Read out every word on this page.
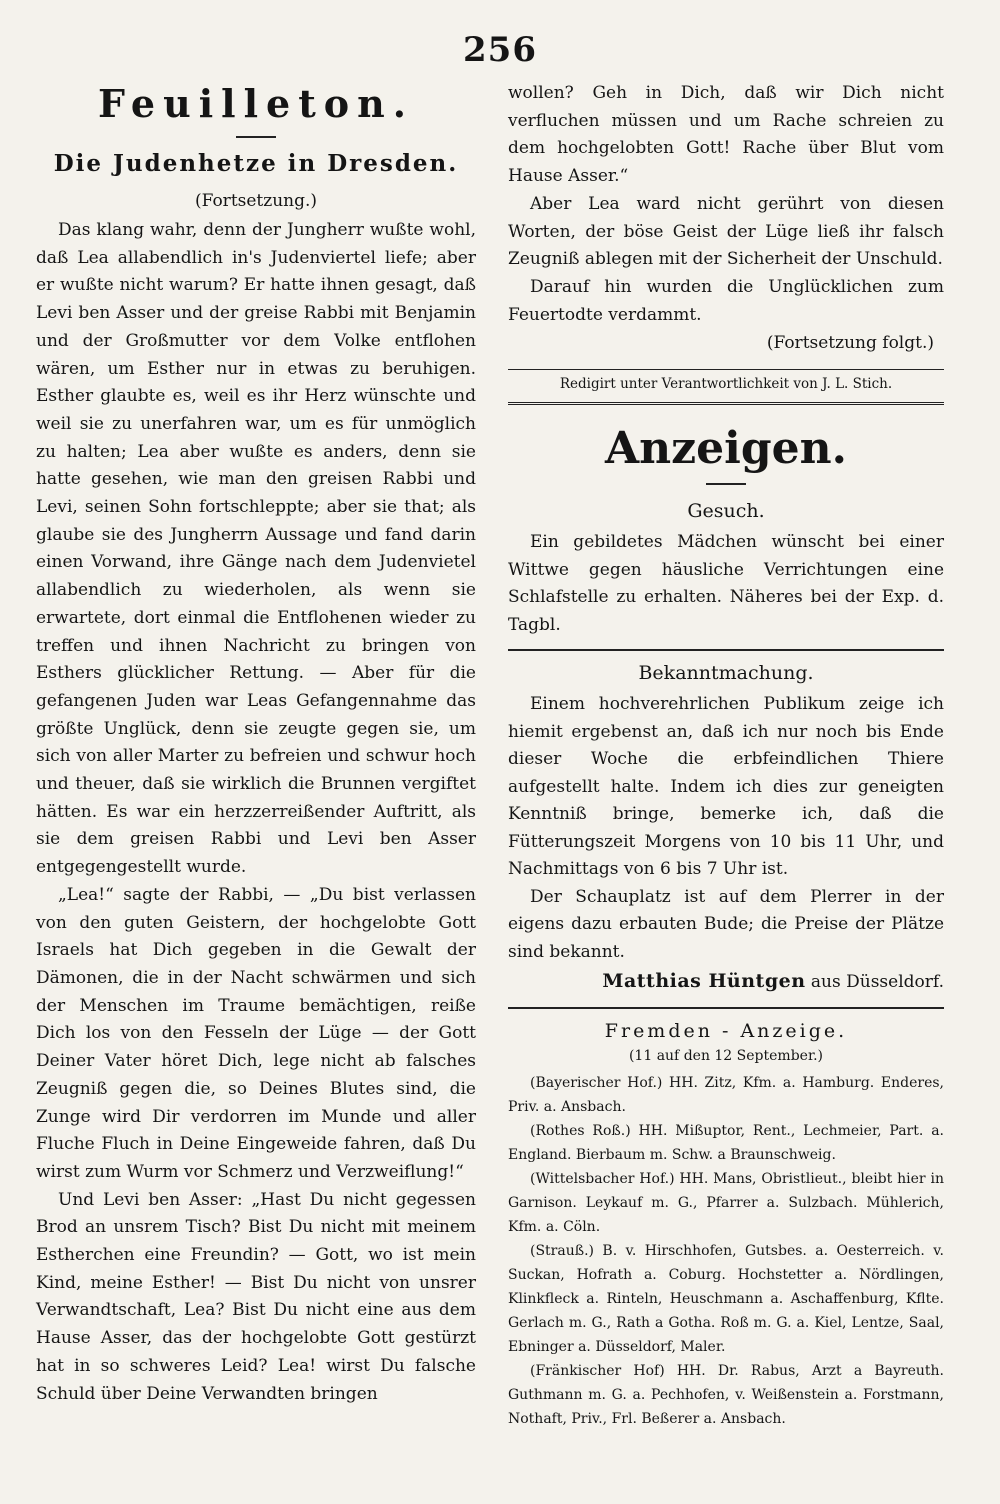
256
Feuilleton.
Die Judenhetze in Dresden.

(Fortsetzung.)

Das klang wahr, denn der Jungherr wußte wohl, daß Lea allabendlich in's Judenviertel liefe; aber er wußte nicht warum? Er hatte ihnen gesagt, daß Levi ben Asser und der greise Rabbi mit Benjamin und der Großmutter vor dem Volke entflohen wären, um Esther nur in etwas zu beruhigen. Esther glaubte es, weil es ihr Herz wünschte und weil sie zu unerfahren war, um es für unmöglich zu halten; Lea aber wußte es anders, denn sie hatte gesehen, wie man den greisen Rabbi und Levi, seinen Sohn fortschleppte; aber sie that; als glaube sie des Jungherrn Aussage und fand darin einen Vorwand, ihre Gänge nach dem Judenvietel allabendlich zu wiederholen, als wenn sie erwartete, dort einmal die Entflohenen wieder zu treffen und ihnen Nachricht zu bringen von Esthers glücklicher Rettung. — Aber für die gefangenen Juden war Leas Gefangennahme das größte Unglück, denn sie zeugte gegen sie, um sich von aller Marter zu befreien und schwur hoch und theuer, daß sie wirklich die Brunnen vergiftet hätten. Es war ein herzzerreißender Auftritt, als sie dem greisen Rabbi und Levi ben Asser entgegengestellt wurde.

„Lea!“ sagte der Rabbi, — „Du bist verlassen von den guten Geistern, der hochgelobte Gott Israels hat Dich gegeben in die Gewalt der Dämonen, die in der Nacht schwärmen und sich der Menschen im Traume bemächtigen, reiße Dich los von den Fesseln der Lüge — der Gott Deiner Vater höret Dich, lege nicht ab falsches Zeugniß gegen die, so Deines Blutes sind, die Zunge wird Dir verdorren im Munde und aller Fluche Fluch in Deine Eingeweide fahren, daß Du wirst zum Wurm vor Schmerz und Verzweiflung!“

Und Levi ben Asser: „Hast Du nicht gegessen Brod an unsrem Tisch? Bist Du nicht mit meinem Estherchen eine Freundin? — Gott, wo ist mein Kind, meine Esther! — Bist Du nicht von unsrer Verwandtschaft, Lea? Bist Du nicht eine aus dem Hause Asser, das der hochgelobte Gott gestürzt hat in so schweres Leid? Lea! wirst Du falsche Schuld über Deine Verwandten bringen

wollen? Geh in Dich, daß wir Dich nicht verfluchen müssen und um Rache schreien zu dem hochgelobten Gott! Rache über Blut vom Hause Asser.“

Aber Lea ward nicht gerührt von diesen Worten, der böse Geist der Lüge ließ ihr falsch Zeugniß ablegen mit der Sicherheit der Unschuld.

Darauf hin wurden die Unglücklichen zum Feuertodte verdammt.

(Fortsetzung folgt.)

Redigirt unter Verantwortlichkeit von J. L. Stich.
Anzeigen.
Gesuch.

Ein gebildetes Mädchen wünscht bei einer Wittwe gegen häusliche Verrichtungen eine Schlafstelle zu erhalten. Näheres bei der Exp. d. Tagbl.

Bekanntmachung.

Einem hochverehrlichen Publikum zeige ich hiemit ergebenst an, daß ich nur noch bis Ende dieser Woche die erbfeindlichen Thiere aufgestellt halte. Indem ich dies zur geneigten Kenntniß bringe, bemerke ich, daß die Fütterungszeit Morgens von 10 bis 11 Uhr, und Nachmittags von 6 bis 7 Uhr ist.

Der Schauplatz ist auf dem Plerrer in der eigens dazu erbauten Bude; die Preise der Plätze sind bekannt.

Matthias Hüntgen aus Düsseldorf.

Fremden - Anzeige.
(11 auf den 12 September.)

(Bayerischer Hof.) HH. Zitz, Kfm. a. Hamburg. Enderes, Priv. a. Ansbach.

(Rothes Roß.) HH. Mißuptor, Rent., Lechmeier, Part. a. England. Bierbaum m. Schw. a Braunschweig.

(Wittelsbacher Hof.) HH. Mans, Obristlieut., bleibt hier in Garnison. Leykauf m. G., Pfarrer a. Sulzbach. Mühlerich, Kfm. a. Cöln.

(Strauß.) B. v. Hirschhofen, Gutsbes. a. Oesterreich. v. Suckan, Hofrath a. Coburg. Hochstetter a. Nördlingen, Klinkfleck a. Rinteln, Heuschmann a. Aschaffenburg, Kflte. Gerlach m. G., Rath a Gotha. Roß m. G. a. Kiel, Lentze, Saal, Ebninger a. Düsseldorf, Maler.

(Fränkischer Hof) HH. Dr. Rabus, Arzt a Bayreuth. Guthmann m. G. a. Pechhofen, v. Weißenstein a. Forstmann, Nothaft, Priv., Frl. Beßerer a. Ansbach.
